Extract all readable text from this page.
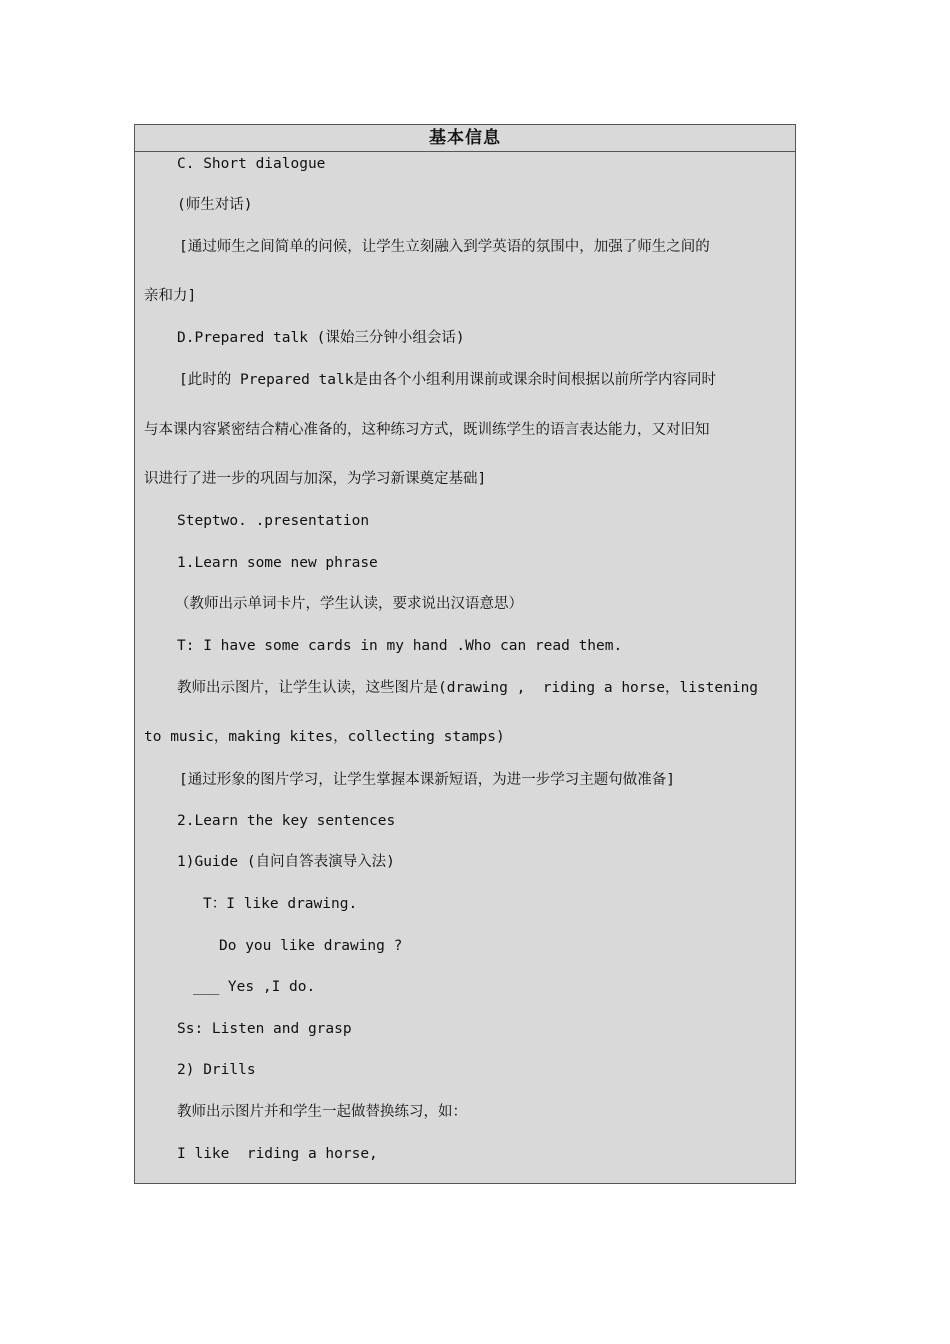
基本信息
C. Short dialogue
(师生对话)
[通过师生之间简单的问候，让学生立刻融入到学英语的氛围中，加强了师生之间的
亲和力]
D.Prepared talk (课始三分钟小组会话)
[此时的 Prepared talk是由各个小组利用课前或课余时间根据以前所学内容同时
与本课内容紧密结合精心准备的，这种练习方式，既训练学生的语言表达能力，又对旧知
识进行了进一步的巩固与加深，为学习新课奠定基础]
Steptwo. .presentation
1.Learn some new phrase
（教师出示单词卡片，学生认读，要求说出汉语意思）
T: I have some cards in my hand .Who can read them.
教师出示图片，让学生认读，这些图片是(drawing ,  riding a horse，listening
to music，making kites，collecting stamps)
[通过形象的图片学习，让学生掌握本课新短语，为进一步学习主题句做准备]
2.Learn the key sentences
1)Guide (自问自答表演导入法)
T：I like drawing.
Do you like drawing ?
___ Yes ,I do.
Ss: Listen and grasp
2) Drills
教师出示图片并和学生一起做替换练习，如：
I like  riding a horse,
